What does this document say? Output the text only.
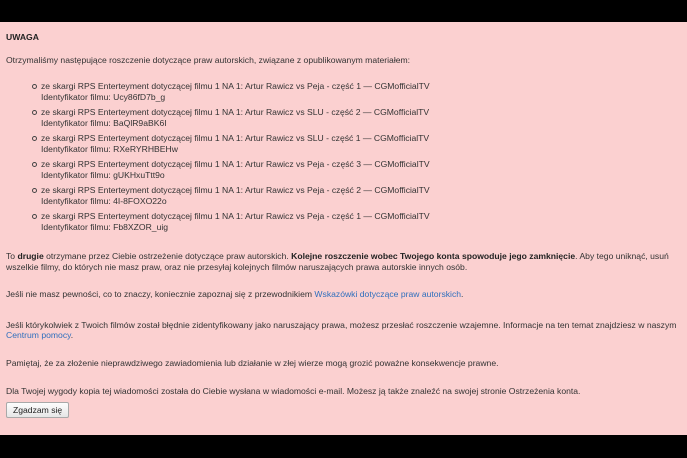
UWAGA

Otrzymaliśmy następujące roszczenie dotyczące praw autorskich, związane z opublikowanym materiałem:

ze skargi RPS Enterteyment dotyczącej filmu 1 NA 1: Artur Rawicz vs Peja - część 1 — CGMofficialTV
Identyfikator filmu: Ucy86fD7b_g
ze skargi RPS Enterteyment dotyczącej filmu 1 NA 1: Artur Rawicz vs SLU - część 2 — CGMofficialTV
Identyfikator filmu: BaQlR9aBK6I
ze skargi RPS Enterteyment dotyczącej filmu 1 NA 1: Artur Rawicz vs SLU - część 1 — CGMofficialTV
Identyfikator filmu: RXeRYRHBEHw
ze skargi RPS Enterteyment dotyczącej filmu 1 NA 1: Artur Rawicz vs Peja - część 3 — CGMofficialTV
Identyfikator filmu: gUKHxuTtt9o
ze skargi RPS Enterteyment dotyczącej filmu 1 NA 1: Artur Rawicz vs Peja - część 2 — CGMofficialTV
Identyfikator filmu: 4I-8FOXO22o
ze skargi RPS Enterteyment dotyczącej filmu 1 NA 1: Artur Rawicz vs Peja - część 1 — CGMofficialTV
Identyfikator filmu: Fb8XZOR_uig

To drugie otrzymane przez Ciebie ostrzeżenie dotyczące praw autorskich. Kolejne roszczenie wobec Twojego konta spowoduje jego zamknięcie. Aby tego uniknąć, usuń wszelkie filmy, do których nie masz praw, oraz nie przesyłaj kolejnych filmów naruszających prawa autorskie innych osób.

Jeśli nie masz pewności, co to znaczy, koniecznie zapoznaj się z przewodnikiem Wskazówki dotyczące praw autorskich.

Jeśli którykolwiek z Twoich filmów został błędnie zidentyfikowany jako naruszający prawa, możesz przesłać roszczenie wzajemne. Informacje na ten temat znajdziesz w naszym Centrum pomocy.

Pamiętaj, że za złożenie nieprawdziwego zawiadomienia lub działanie w złej wierze mogą grozić poważne konsekwencje prawne.

Dla Twojej wygody kopia tej wiadomości została do Ciebie wysłana w wiadomości e-mail. Możesz ją także znaleźć na swojej stronie Ostrzeżenia konta.

Zgadzam się
